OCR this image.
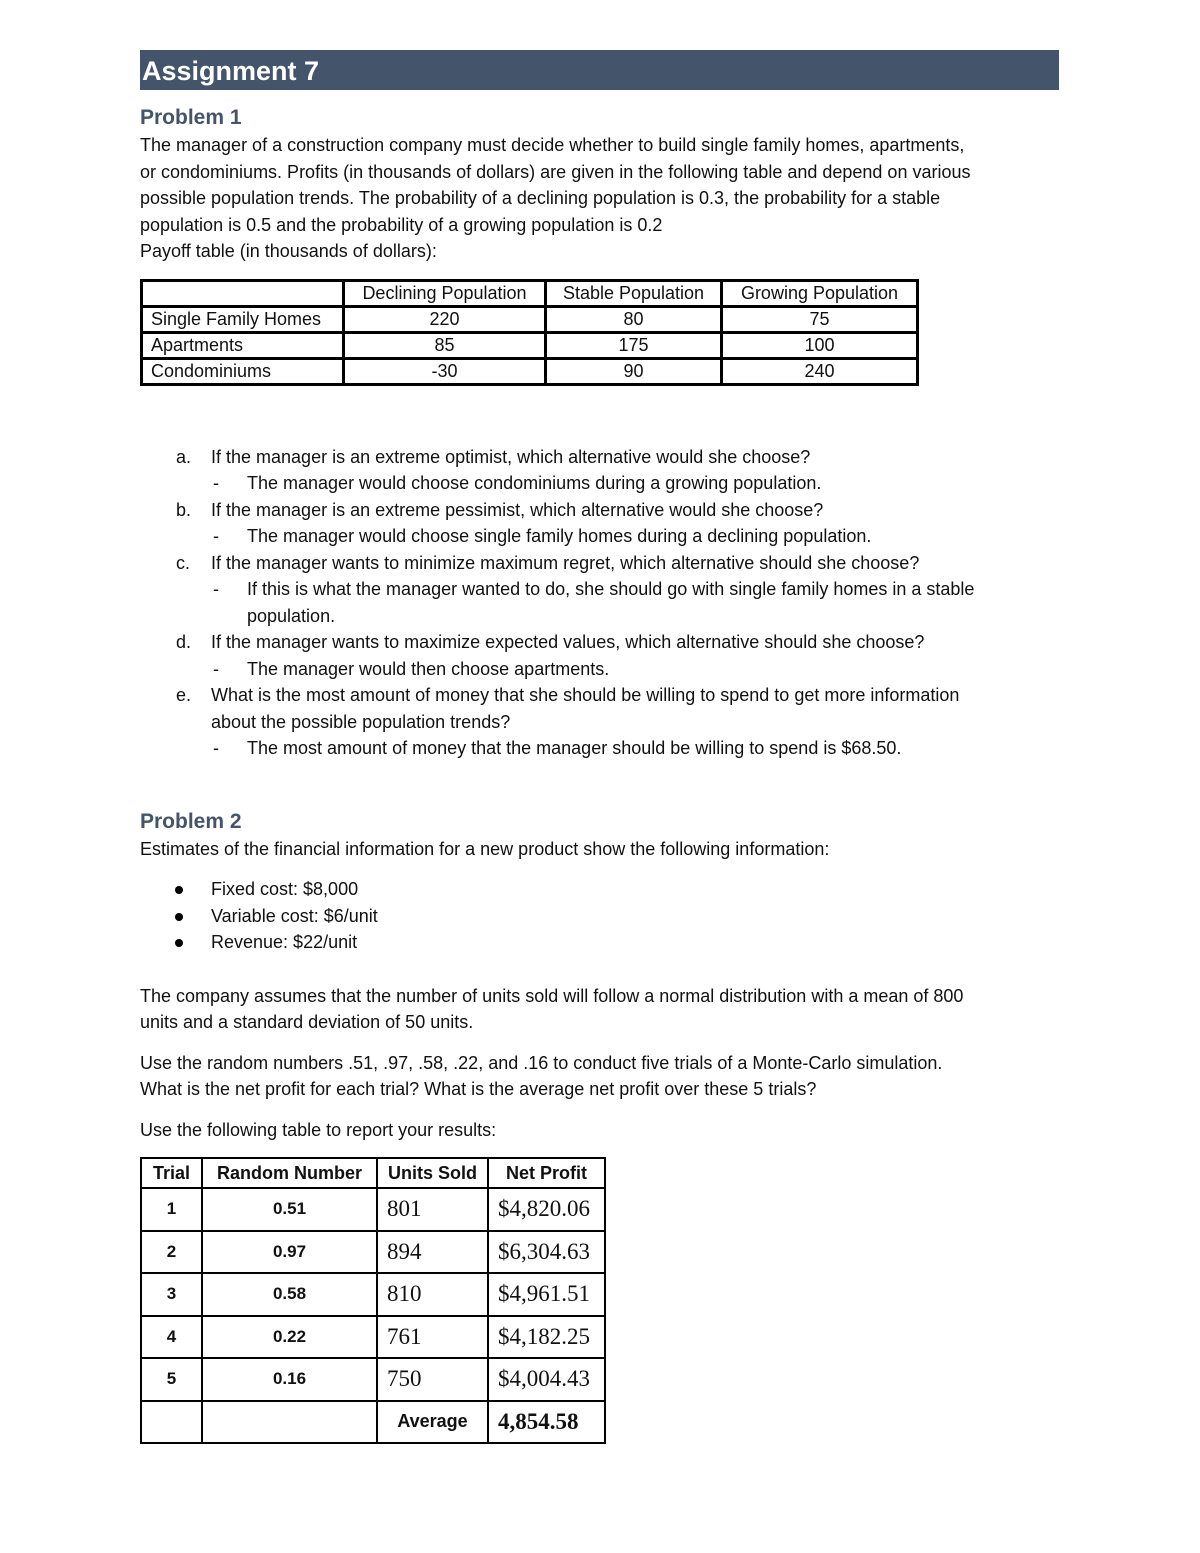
Assignment 7
Problem 1

The manager of a construction company must decide whether to build single family homes, apartments,

or condominiums. Profits (in thousands of dollars) are given in the following table and depend on various

possible population trends. The probability of a declining population is 0.3, the probability for a stable

population is 0.5 and the probability of a growing population is 0.2

Payoff table (in thousands of dollars):
	Declining Population	Stable Population	Growing Population
Single Family Homes	220	80	75
Apartments	85	175	100
Condominiums	-30	90	240
a. If the manager is an extreme optimist, which alternative would she choose?
- The manager would choose condominiums during a growing population.
b. If the manager is an extreme pessimist, which alternative would she choose?
- The manager would choose single family homes during a declining population.
c. If the manager wants to minimize maximum regret, which alternative should she choose?
- If this is what the manager wanted to do, she should go with single family homes in a stable
population.
d. If the manager wants to maximize expected values, which alternative should she choose?
- The manager would then choose apartments.
e. What is the most amount of money that she should be willing to spend to get more information
about the possible population trends?
- The most amount of money that the manager should be willing to spend is $68.50.
Problem 2

Estimates of the financial information for a new product show the following information:

Fixed cost: $8,000
Variable cost: $6/unit
Revenue: $22/unit

The company assumes that the number of units sold will follow a normal distribution with a mean of 800

units and a standard deviation of 50 units.

Use the random numbers .51, .97, .58, .22, and .16 to conduct five trials of a Monte-Carlo simulation.

What is the net profit for each trial? What is the average net profit over these 5 trials?

Use the following table to report your results:

Trial	Random Number	Units Sold	Net Profit
1	0.51	801	$4,820.06
2	0.97	894	$6,304.63
3	0.58	810	$4,961.51
4	0.22	761	$4,182.25
5	0.16	750	$4,004.43
		Average	4,854.58
